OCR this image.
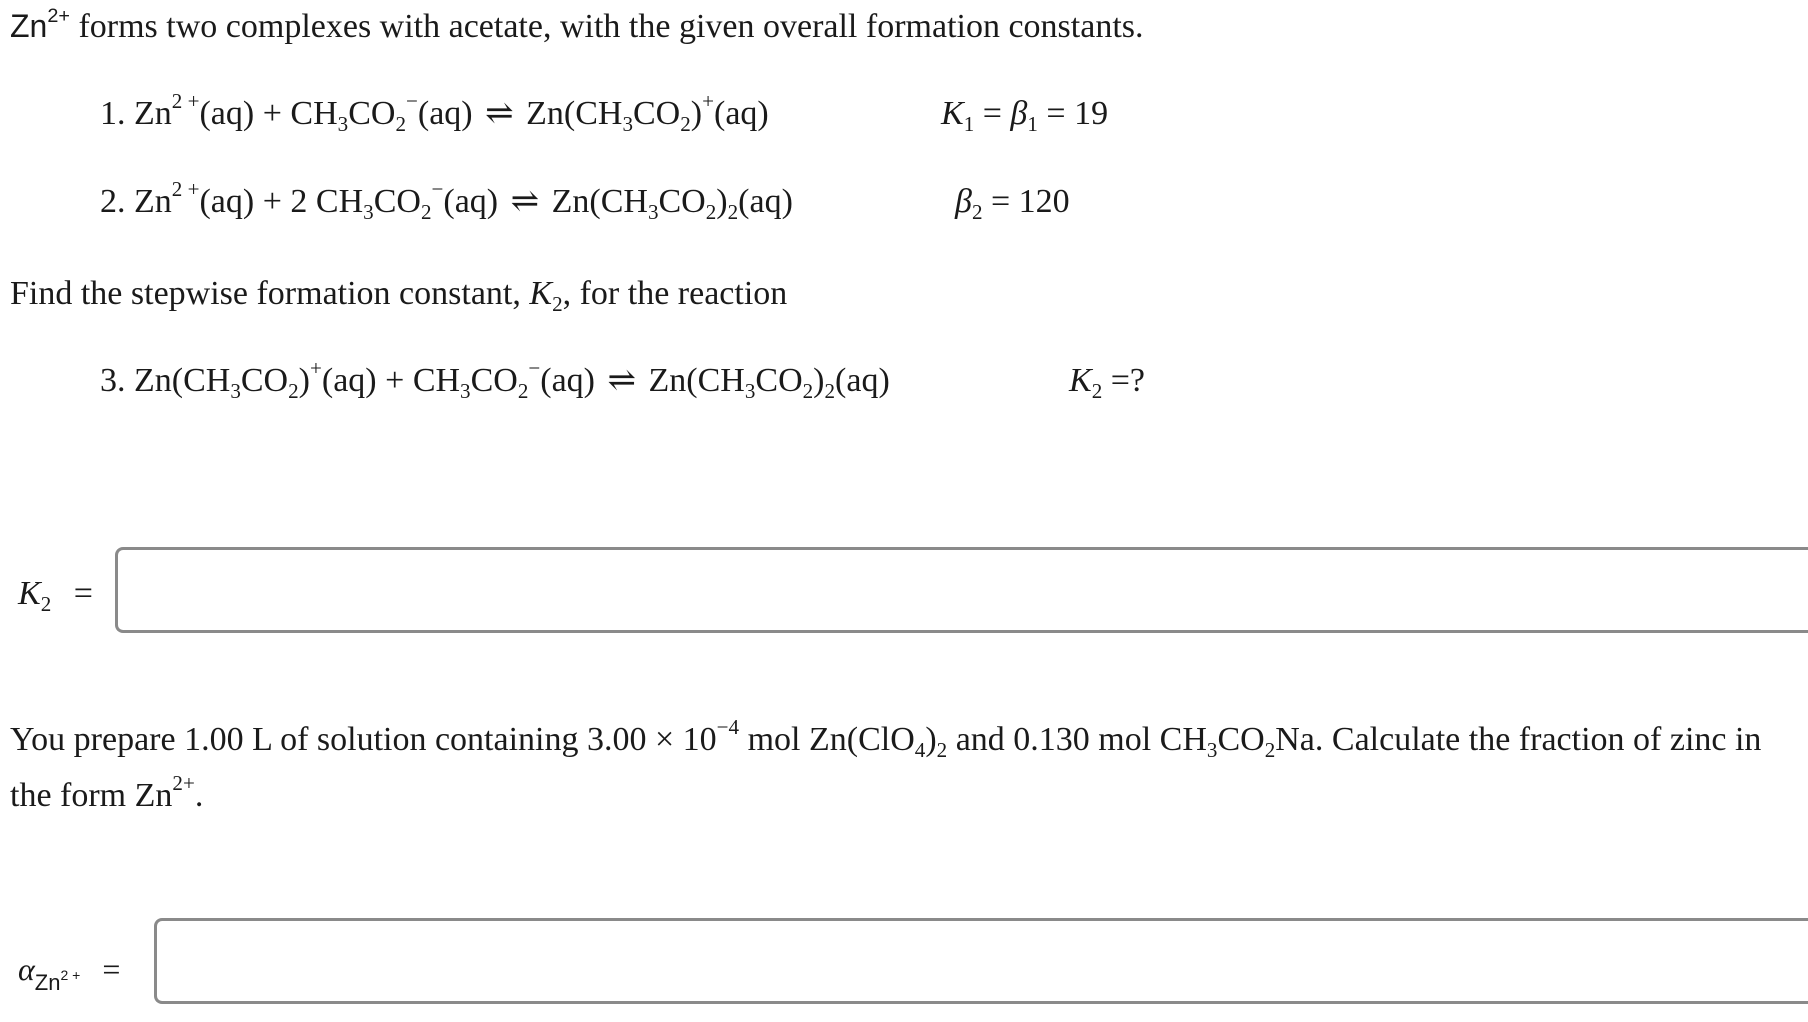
$Zn^{2+}$ forms two complexes with acetate, with the given overall formation constants.
1. $Zn^{2 +}(aq) + CH_3CO_2^-(aq)$ ⇌ $Zn(CH_3CO_2)^+(aq)$	$K_1 = \beta_1 = 19$
2. $Zn^{2 +}(aq) + 2$ $CH_3CO_2^-(aq)$ ⇌ $Zn(CH_3CO_2)_2(aq)$	$\beta_2 = 120$
Find the stepwise formation constant, $K_2$, for the reaction
3. $Zn(CH_3CO_2)^+(aq) + CH_3CO_2^-(aq)$ ⇌ $Zn(CH_3CO_2)_2(aq)$	$K_2$ =?
$K_2$ =
You prepare 1.00 L of solution containing $3.00 \times 10^{-4}$ mol $Zn(ClO_4)_2$ and 0.130 mol $CH_3CO_2Na$. Calculate the fraction of zinc in the form $Zn^{2+}$.
$\alpha_{Zn^{2 +}}$ =
